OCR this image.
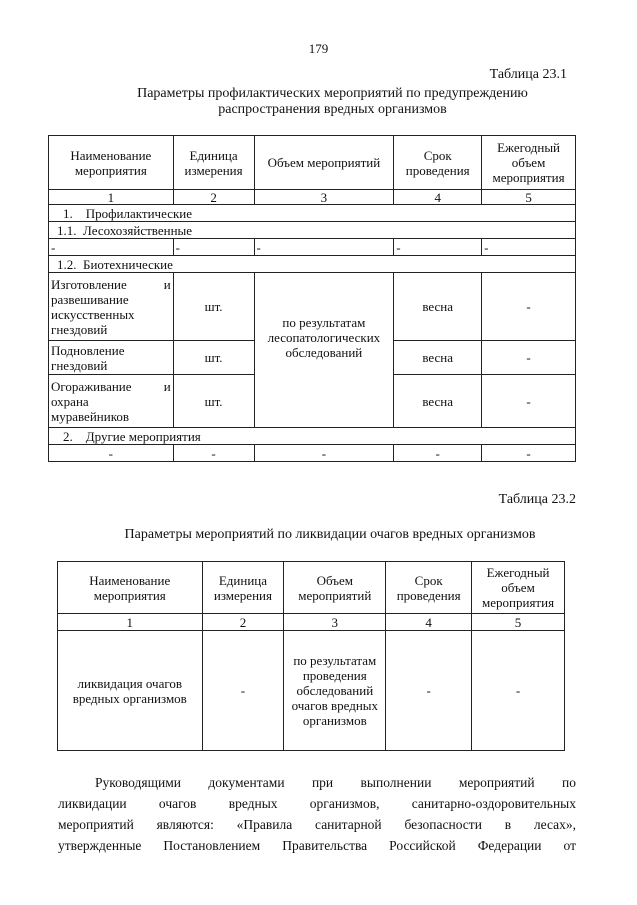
179
Таблица 23.1
Параметры профилактических мероприятий по предупреждению
распространения вредных организмов
Наименование мероприятия	Единица измерения	Объем мероприятий	Срок проведения	Ежегодный объем мероприятия
1	2	3	4	5
1.    Профилактические				
1.1.  Лесохозяйственные				
-	-	-	-	-
1.2.  Биотехнические				

Изготовление и
развешивание
искусственных
гнездовий	шт.	по результатам лесопатологических обследований	весна	-

Подновление
гнездовий	шт.		весна	-

Огораживание и
охрана
муравейников	шт.		весна	-
2.    Другие мероприятия				
-	-	-	-	-
Таблица 23.2
Параметры мероприятий по ликвидации очагов вредных организмов
Наименование мероприятия	Единица измерения	Объем мероприятий	Срок проведения	Ежегодный объем мероприятия
1	2	3	4	5
ликвидация очагов вредных организмов	-	по результатам проведения обследований очагов вредных организмов	-	-
Руководящими документами при выполнении мероприятий по
ликвидации очагов вредных организмов, санитарно-оздоровительных
мероприятий являются: «Правила санитарной безопасности в лесах»,
утвержденные Постановлением Правительства Российской Федерации от
